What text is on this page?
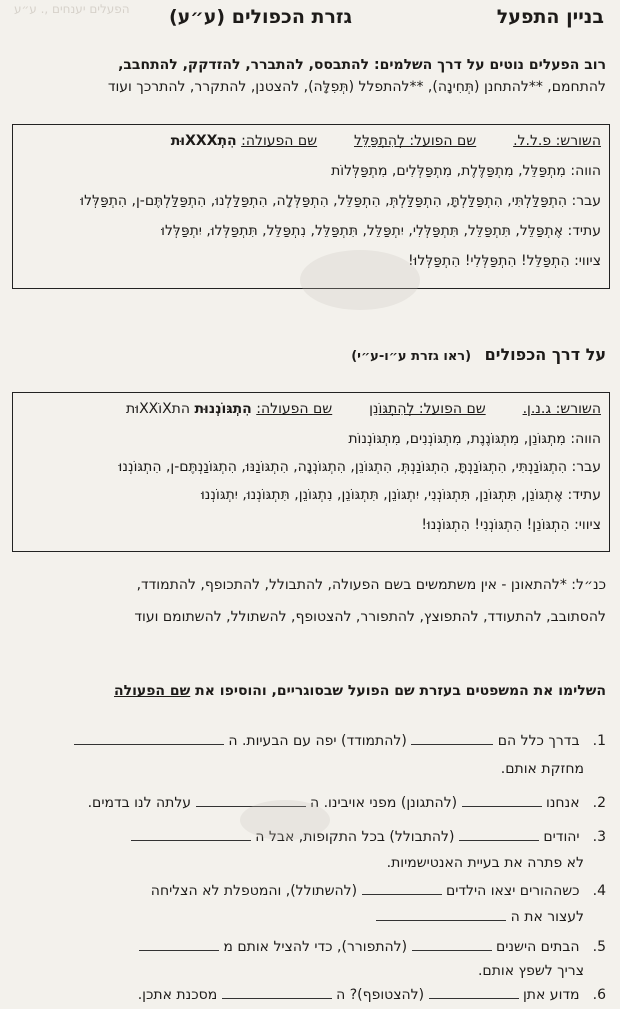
הפעלים יענחים ,. ע״ע	בניין התפעל
גזרת הכפולים (ע״ע)
רוב הפעלים נוטים על דרך השלמים: להתבסס, להתברר, להזדקק, להתחבב,
להתחמם, **להתחנן (תְּחִינָה), **להתפלל (תְּפִלָּה), להצטנן, להתקרר, להתרכך ועוד
השורש: פ.ל.ל.  שם הפועל: לְהִתְפַּלֵּל  שם הפעולה: הִתְXXXוּת
הווה: מִתְפַּלֵּל, מִתְפַּלֶּלֶת, מִתְפַּלְּלִים, מִתְפַּלְּלוֹת
עבר: הִתְפַּלַּלְתִּי, הִתְפַּלַּלְתָּ, הִתְפַּלַּלְתְּ, הִתְפַּלֵּל, הִתְפַּלְּלָה, הִתְפַּלַּלְנוּ, הִתְפַּלַּלְתֶּם-ן, הִתְפַּלְּלוּ
עתיד: אֶתְפַּלֵּל, תִּתְפַּלֵּל, תִּתְפַּלְּלִי, יִתְפַּלֵּל, תִּתְפַּלֵּל, נִתְפַּלֵּל, תִּתְפַּלְּלוּ, יִתְפַּלְּלוּ
ציווי: הִתְפַּלֵּל! הִתְפַּלְּלִי! הִתְפַּלְּלוּ!
על דרך הכפולים (ראו גזרת ע״ו-ע״י)
השורש: ג.נ.ן.  שם הפועל: לְהִתְגּוֹנֵן  שם הפעולה: הִתְגּוֹנְנוּת התXוֹXXוּת
הווה: מִתְגּוֹנֵן, מִתְגּוֹנֶנֶת, מִתְגּוֹנְנִים, מִתְגּוֹנְנוֹת
עבר: הִתְגּוֹנַנְתִּי, הִתְגּוֹנַנְתָּ, הִתְגּוֹנַנְתְּ, הִתְגּוֹנֵן, הִתְגּוֹנְנָה, הִתְגּוֹנַנּוּ, הִתְגּוֹנַנְתֶּם-ן, הִתְגּוֹנְנוּ
עתיד: אֶתְגּוֹנֵן, תִּתְגּוֹנֵן, תִּתְגּוֹנְנִי, יִתְגּוֹנֵן, תִּתְגּוֹנֵן, נִתְגּוֹנֵן, תִּתְגּוֹנְנוּ, יִתְגּוֹנְנוּ
ציווי: הִתְגּוֹנֵן! הִתְגּוֹנְנִי! הִתְגּוֹנְנוּ!
כנ״ל: *להתאונן - אין משתמשים בשם הפעולה, להתבולל, להתכופף, להתמודד,
להסתובב, להתעודד, להתפוצץ, להתפורר, להצטופף, להשתולל, להשתומם ועוד
השלימו את המשפטים בעזרת שם הפועל שבסוגריים, והוסיפו את שם הפעולה
1. בדרך כלל הם  (להתמודד) יפה עם הבעיות. ה
מחזקת אותם.
2. אנחנו  (להתגונן) מפני אויבינו. ה  עלתה לנו בדמים.
3. יהודים  (להתבולל) בכל התקופות, אבל ה
לא פתרה את בעיית האנטישמיות.
4. כשההורים יצאו הילדים  (להשתולל), והמטפלת לא הצליחה
לעצור את ה
5. הבתים הישנים  (להתפורר), כדי להציל אותם מ
צריך לשפץ אותם.
6. מדוע אתן  (להצטופף)? ה  מסכנת אתכן.
